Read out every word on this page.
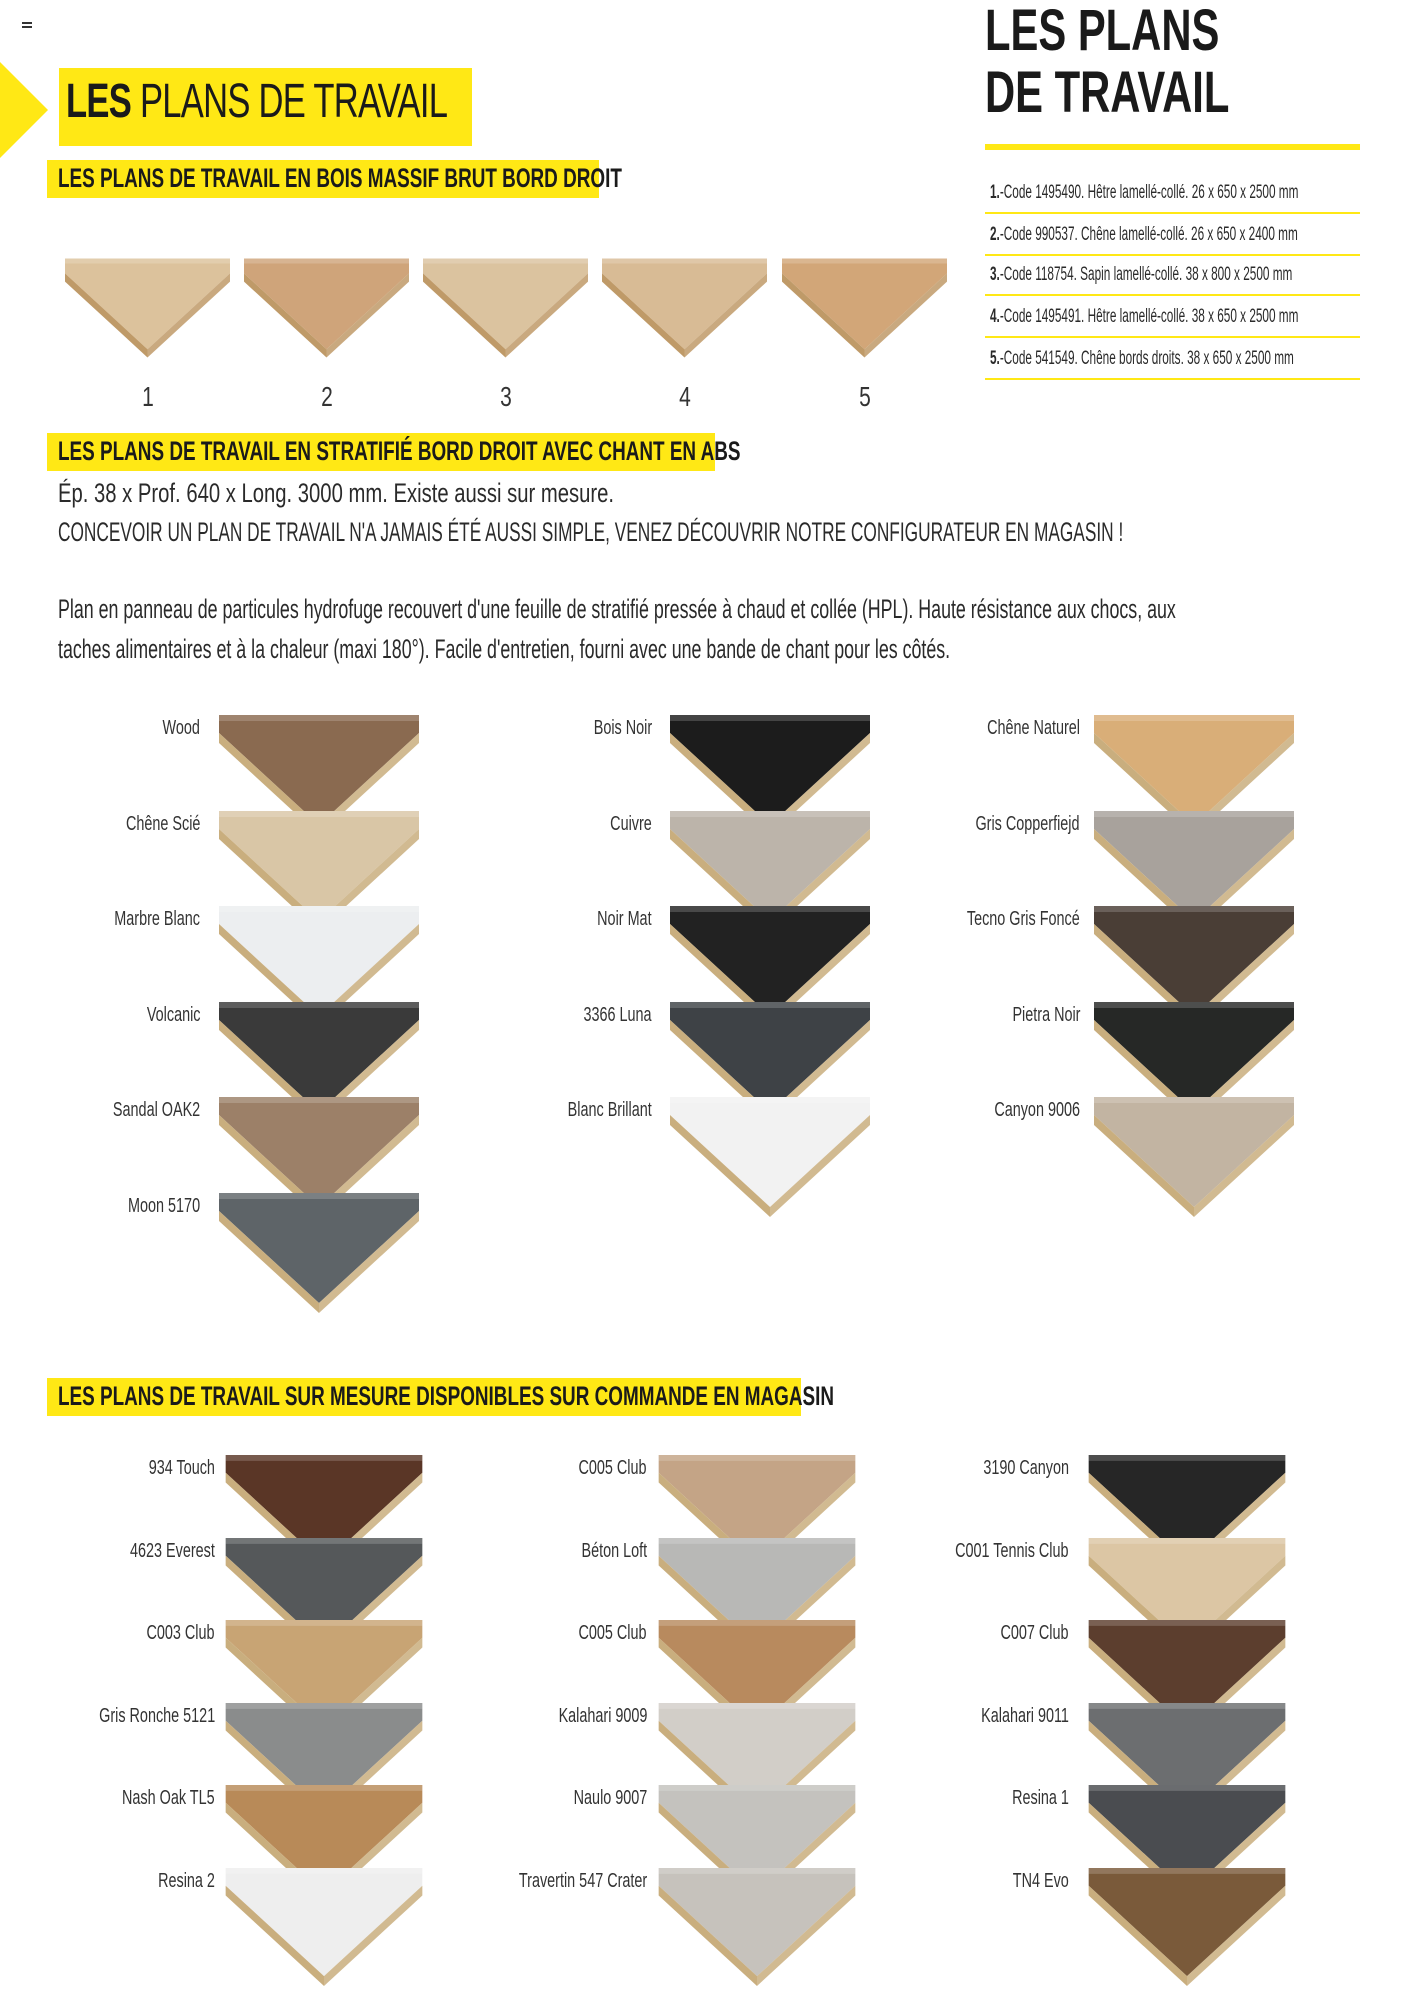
LES PLANS DE TRAVAIL
LES PLANS
DE TRAVAIL
LES PLANS DE TRAVAIL EN BOIS MASSIF BRUT BORD DROIT	1.-Code 1495490. Hêtre lamellé-collé. 26 x 650 x 2500 mm
2.-Code 990537. Chêne lamellé-collé. 26 x 650 x 2400 mm
3.-Code 118754. Sapin lamellé-collé. 38 x 800 x 2500 mm
4.-Code 1495491. Hêtre lamellé-collé. 38 x 650 x 2500 mm
5.-Code 541549. Chêne bords droits. 38 x 650 x 2500 mm
1	2	3	4	5
LES PLANS DE TRAVAIL EN STRATIFIÉ BORD DROIT AVEC CHANT EN ABS
Ép. 38 x Prof. 640 x Long. 3000 mm. Existe aussi sur mesure.
CONCEVOIR UN PLAN DE TRAVAIL N'A JAMAIS ÉTÉ AUSSI SIMPLE, VENEZ DÉCOUVRIR NOTRE CONFIGURATEUR EN MAGASIN !
Plan en panneau de particules hydrofuge recouvert d'une feuille de stratifié pressée à chaud et collée (HPL). Haute résistance aux chocs, aux
taches alimentaires et à la chaleur (maxi 180°). Facile d'entretien, fourni avec une bande de chant pour les côtés.
Wood
Chêne Scié
Marbre Blanc
Volcanic
Sandal OAK2
Moon 5170
Bois Noir
Cuivre
Noir Mat
3366 Luna
Blanc Brillant
Chêne Naturel
Gris Copperfiejd
Tecno Gris Foncé
Pietra Noir
Canyon 9006
LES PLANS DE TRAVAIL SUR MESURE DISPONIBLES SUR COMMANDE EN MAGASIN
934 Touch
4623 Everest
C003 Club
Gris Ronche 5121
Nash Oak TL5
Resina 2
C005 Club
Béton Loft
C005 Club
Kalahari 9009
Naulo 9007
Travertin 547 Crater
3190 Canyon
C001 Tennis Club
C007 Club
Kalahari 9011
Resina 1
TN4 Evo
